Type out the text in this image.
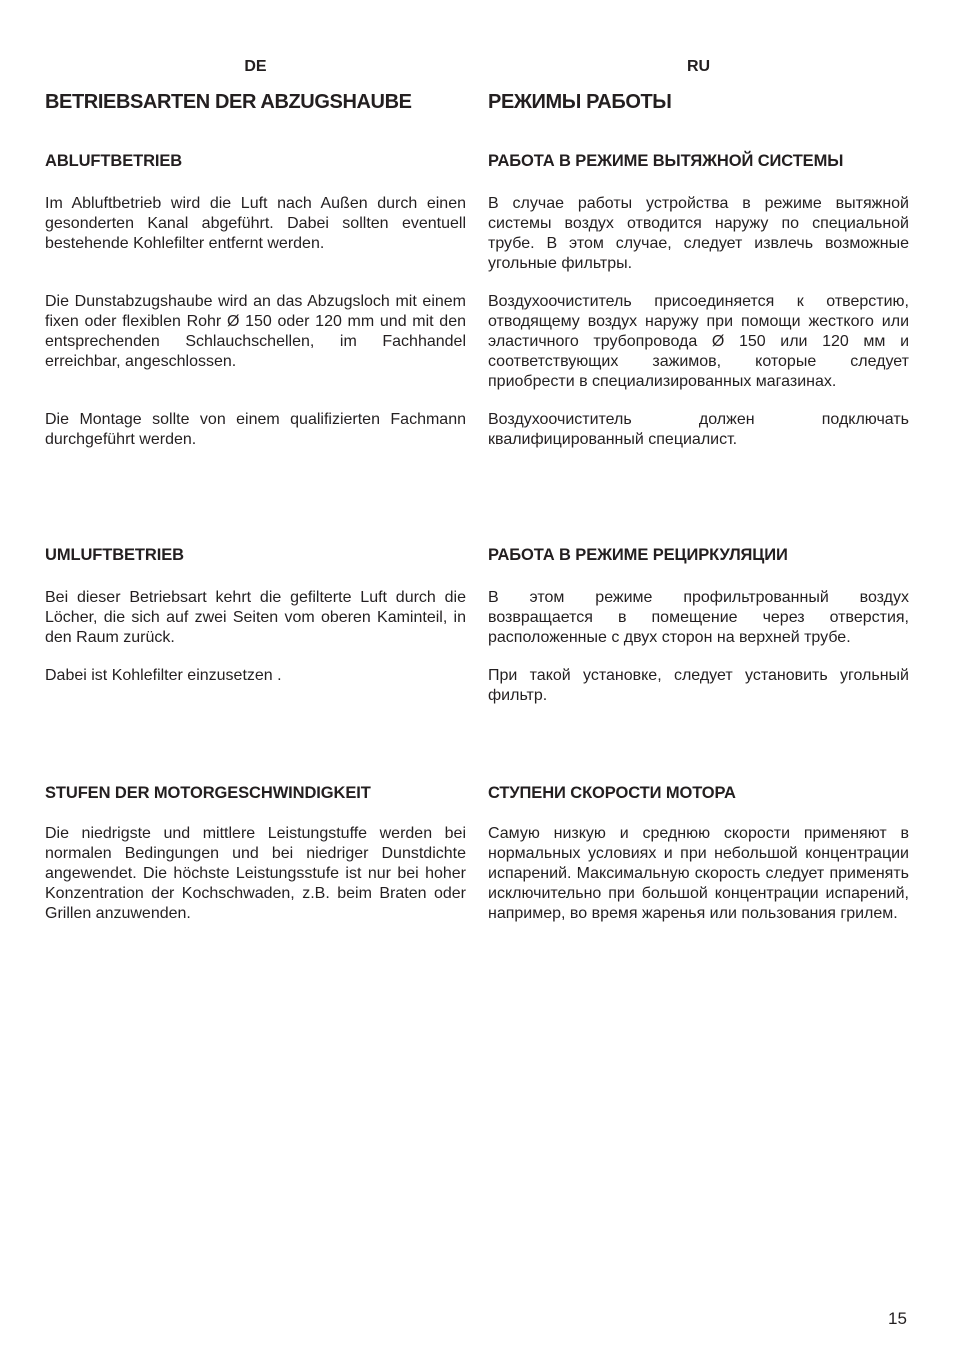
DE
BETRIEBSARTEN DER ABZUGSHAUBE
ABLUFTBETRIEB

Im Abluftbetrieb wird die Luft nach Außen durch einen gesonderten Kanal abgeführt. Dabei sollten eventuell bestehende Kohlefilter entfernt werden.

Die Dunstabzugshaube wird an das Abzugsloch mit einem fixen oder flexiblen Rohr Ø 150 oder 120 mm und mit den entsprechenden Schlauchschellen, im Fachhandel erreichbar, angeschlossen.

Die Montage sollte von einem qualifizierten Fachmann durchgeführt werden.

UMLUFTBETRIEB

Bei dieser Betriebsart kehrt die gefilterte Luft durch die Löcher, die sich auf zwei Seiten vom oberen Kaminteil, in den Raum zurück.

Dabei ist Kohlefilter einzusetzen .

STUFEN DER MOTORGESCHWINDIGKEIT

Die niedrigste und mittlere Leistungstuffe werden bei normalen Bedingungen und bei niedriger Dunstdichte angewendet. Die höchste Leistungsstufe ist nur bei hoher Konzentration der Kochschwaden, z.B. beim Braten oder Grillen anzuwenden.

RU
РЕЖИМЫ РАБОТЫ
РАБОТА В РЕЖИМЕ ВЫТЯЖНОЙ СИСТЕМЫ

В случае работы устройства в режиме вытяжной системы воздух отводится наружу по специальной трубе. В этом случае, следует извлечь возможные угольные фильтры.

Воздухоочиститель присоединяется к отверстию, отводящему воздух наружу при помощи жесткого или эластичного трубопровода Ø 150 или 120 мм и соответствующих зажимов, которые следует приобрести в специализированных магазинах.

Воздухоочиститель должен подключать квалифицированный специалист.

РАБОТА В РЕЖИМЕ РЕЦИРКУЛЯЦИИ

В этом режиме профильтрованный воздух возвращается в помещение через отверстия, расположенные с двух сторон на верхней трубе.

При такой установке, следует установить угольный фильтр.

СТУПЕНИ СКОРОСТИ МОТОРА

Самую низкую и среднюю скорости применяют в нормальных условиях и при небольшой концентрации испарений. Максимальную скорость следует применять исключительно при большой концентрации испарений, например, во время жаренья или пользования грилем.

15
